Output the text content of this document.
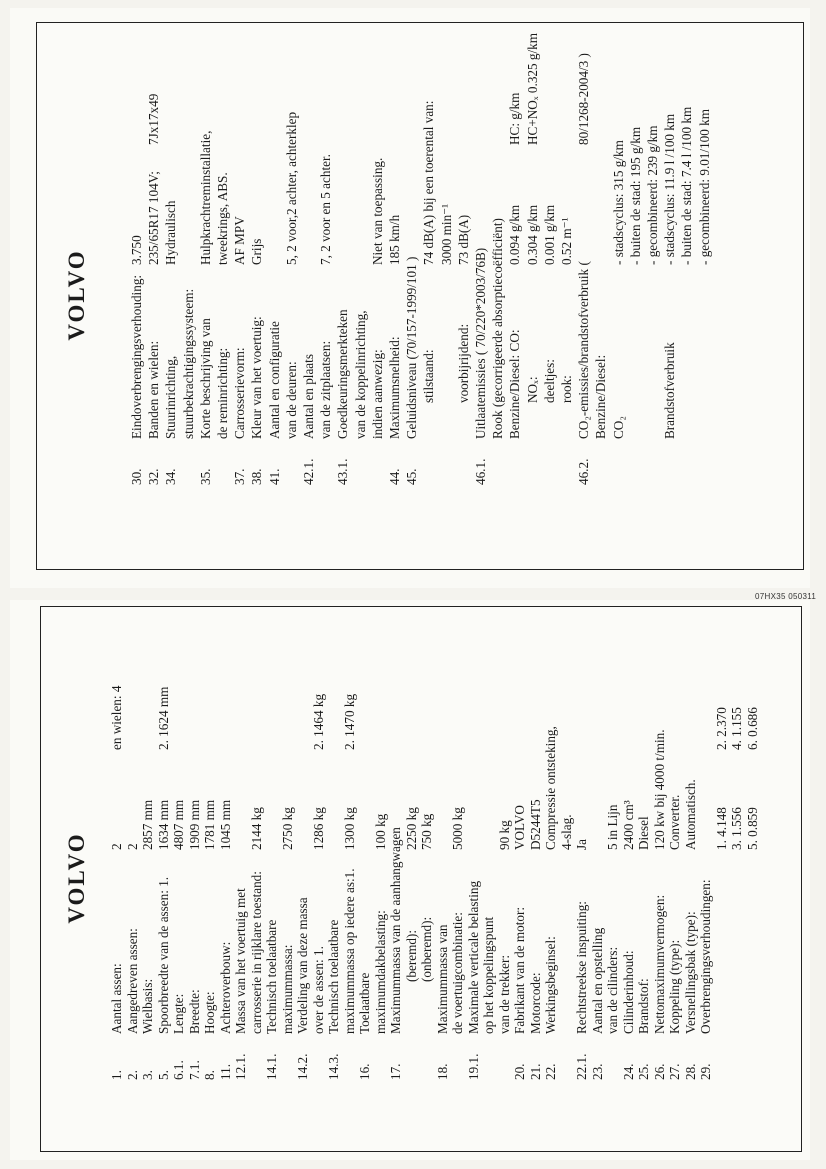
VOLVO
30.
Eindoverbrengingsverhouding:
3.750
32.
Banden en wielen:
235/65R17 104V;
7Jx17x49
34.
Stuurinrichting,
Hydraulisch
stuurbekrachtigingssysteem:
35.
Korte beschrijving van
Hulpkrachtreminstallatie,
de reminrichting:
tweekrings, ABS.
37.
Carrosserievorm:
AF MPV
38.
Kleur van het voertuig:
Grijs
41.
Aantal en configuratie van de deuren:
5, 2 voor,2 achter, achterklep
42.1.
Aantal en plaats van de zitplaatsen:
7, 2 voor en 5 achter.
43.1.
Goedkeuringsmerkteken van de koppelinrichting, indien aanwezig:
Niet van toepassing.
44.
Maximumsnelheid:
185 km/h
45.
Geluidsniveau (70/157-1999/101 ) stilstaand:
74 dB(A) bij een toerental van: 3000 min⁻¹
voorbijrijdend:
73 dB(A)
46.1.
Uitlaatemissies ( 70/220*2003/76B) Rook (gecorrigeerde absorptiecoëfficiënt) Benzine/Diesel: CO:
0.094 g/km
HC: g/km
NOₓ:
0.304 g/km
HC+NOₓ 0.325 g/km
deeltjes:
0.001 g/km
rook:
0.52 m⁻¹
46.2.
CO₂-emissies/brandstofverbruik (
80/1268-2004/3 )
Benzine/Diesel: CO₂
- stadscyclus: 315 g/km - buiten de stad: 195 g/km - gecombineerd: 239 g/km
Brandstofverbruik
- stadscyclus: 11.9 l /100 km - buiten de stad: 7.4 l /100 km - gecombineerd: 9.01/100 km
VOLVO
1.
Aantal assen:
2
en wielen: 4
2.
Aangedreven assen:
2
3.
Wielbasis:
2857 mm
5.
Spoorbreedte van de assen: 1.
1634 mm
2. 1624 mm
6.1.
Lengte:
4807 mm
7.1.
Breedte:
1909 mm
8.
Hoogte:
1781 mm
11.
Achteroverbouw:
1045 mm
12.1.
Massa van het voertuig met carrosserie in rijklare toestand:
2144 kg
14.1.
Technisch toelaatbare maximummassa:
2750 kg
14.2.
Verdeling van deze massa over de assen: 1.
1286 kg
2. 1464 kg
14.3.
Technisch toelaatbare maximummassa op iedere as:1.
1300 kg
2. 1470 kg
16.
Toelaatbare maximumdakbelasting:
100 kg
17.
Maximummassa van de aanhangwagen (beremd):
2250 kg
(onberemd):
750 kg
18.
Maximummassa van de voertuigcombinatie:
5000 kg
19.1.
Maximale verticale belasting op het koppelingspunt van de trekker:
90 kg
20.
Fabrikant van de motor:
VOLVO
21.
Motorcode:
D5244T5
22.
Werkingsbeginsel:
Compressie ontsteking, 4-slag.
22.1.
Rechtstreekse inspuiting:
Ja
23.
Aantal en opstelling van de cilinders:
5 in Lijn
24.
Cilinderinhoud:
2400 cm³
25.
Brandstof:
Diesel
26.
Nettomaximumvermogen:
120 kw bij 4000 t/min.
27.
Koppeling (type):
Converter.
28.
Versnellingsbak (type):
Automatisch.
29.
Overbrengingsverhoudingen:
1. 4.148
2. 2.370
3. 1.556
4. 1.155
5. 0.859
6. 0.686
07HX35 050311
